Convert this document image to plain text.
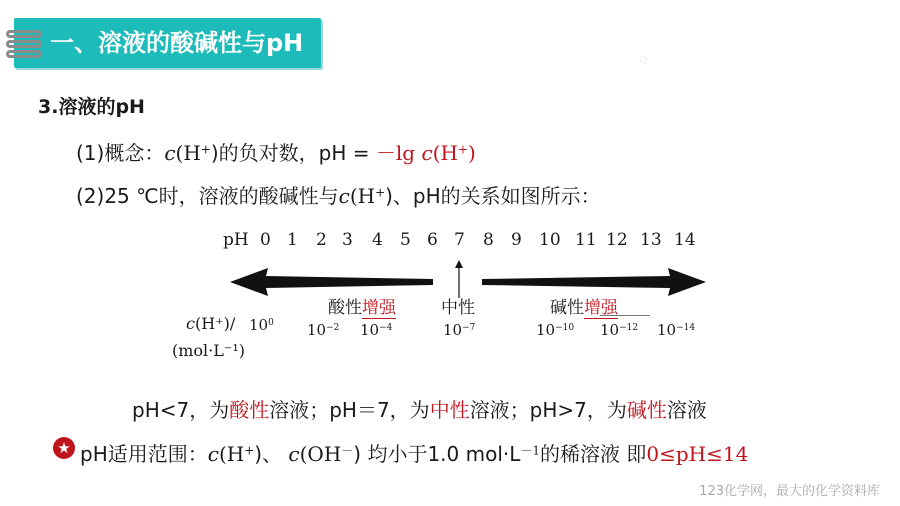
一、溶液的酸碱性与pH
◇
3.溶液的pH
(1)概念：c(H+)的负对数，pH = －lg c(H+)
(2)25 ℃时，溶液的酸碱性与c(H+)、pH的关系如图所示：
pH 0 1 2 3 4 5 6 7 8 9 10 11 12 13 14
酸性增强	中性	碱性增强
c(H⁺)/
(mol·L⁻¹)
$10^0$ $10^{-2}$ $10^{-4}$	$10^{-7}$	$10^{-10}$ $10^{-12}$ $10^{-14}$
pH<7，为酸性溶液；pH＝7，为中性溶液；pH>7，为碱性溶液
★ pH适用范围：c(H+)、 c(OH－) 均小于1.0 $mol\cdot L^{-1}$的稀溶液 即0≤pH≤14
123化学网，最大的化学资料库
